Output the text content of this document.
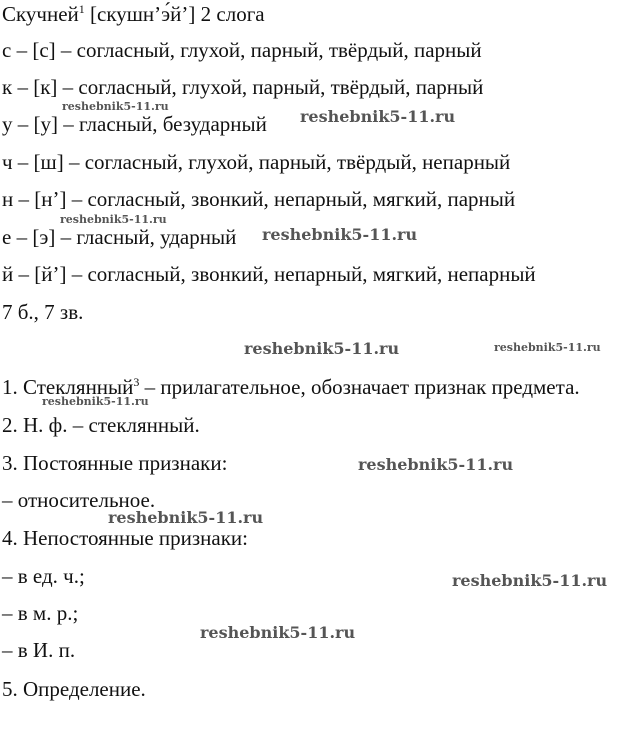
Скучней$^1$ [скушн’э́й’] 2 слога
с – [с] – согласный, глухой, парный, твёрдый, парный
к – [к] – согласный, глухой, парный, твёрдый, парный
у – [у] – гласный, безударный
ч – [ш] – согласный, глухой, парный, твёрдый, непарный
н – [н’] – согласный, звонкий, непарный, мягкий, парный
е – [э] – гласный, ударный
й – [й’] – согласный, звонкий, непарный, мягкий, непарный
7 б., 7 зв.
1. Стеклянный$^3$ – прилагательное, обозначает признак предмета.
2. Н. ф. – стеклянный.
3. Постоянные признаки:
– относительное.
4. Непостоянные признаки:
– в ед. ч.;
– в м. р.;
– в И. п.
5. Определение.
reshebnik5-11.ru
reshebnik5-11.ru
reshebnik5-11.ru
reshebnik5-11.ru
reshebnik5-11.ru	reshebnik5-11.ru
reshebnik5-11.ru
reshebnik5-11.ru
reshebnik5-11.ru
reshebnik5-11.ru
reshebnik5-11.ru
